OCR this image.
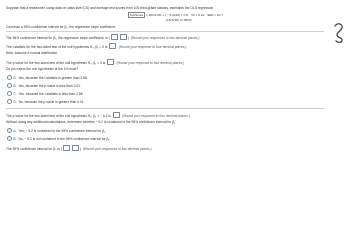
Suppose that a researcher, using data on class size (CS) and average test scores from 100 third-grade classes, estimates the OLS regression
TestScore = 483.9720 + ( − 5.4126) × CS, R² = 0.10, SER = 10.7
(18.9720) (2.0553)
Construct a 95% confidence interval for β₁, the regression slope coefficient.
The 95% confidence interval for β₁, the regression slope coefficient, is (	,	). (Round your responses to two decimal places.)
The t-statistic for the two-sided test of the null hypothesis H₀: β₁ = 0 is	. (Round your response to four decimal places.)
Note: Assume a normal distribution.
The p-value for the two-sided test of the null hypothesis H₀: β₁ = 0 is	. (Round your response to four decimal places.)
Do you reject the null hypothesis at the 1% level?
A. Yes, because the t-statistic is greater than 2.58.
B. Yes, because the p-value is less than 0.01.
C. Yes, because the t-statistic is less than 2.58.
D. No, because the p-value is greater than 0.01.
The p-value for the two-sided test of the null hypothesis H₀: β₁ = − 5.2 is	. (Round your response to four decimal places.)
Without doing any additional calculations, determine whether − 5.2 is contained in the 95% confidence interval for β₁.
A. Yes, − 5.2 is contained in the 95% confidence interval for β₁.
B. No, − 5.2 is not contained in the 95% confidence interval for β₁.
The 99% confidence interval for β₀ is (	,	). (Round your responses to two decimal places.)
